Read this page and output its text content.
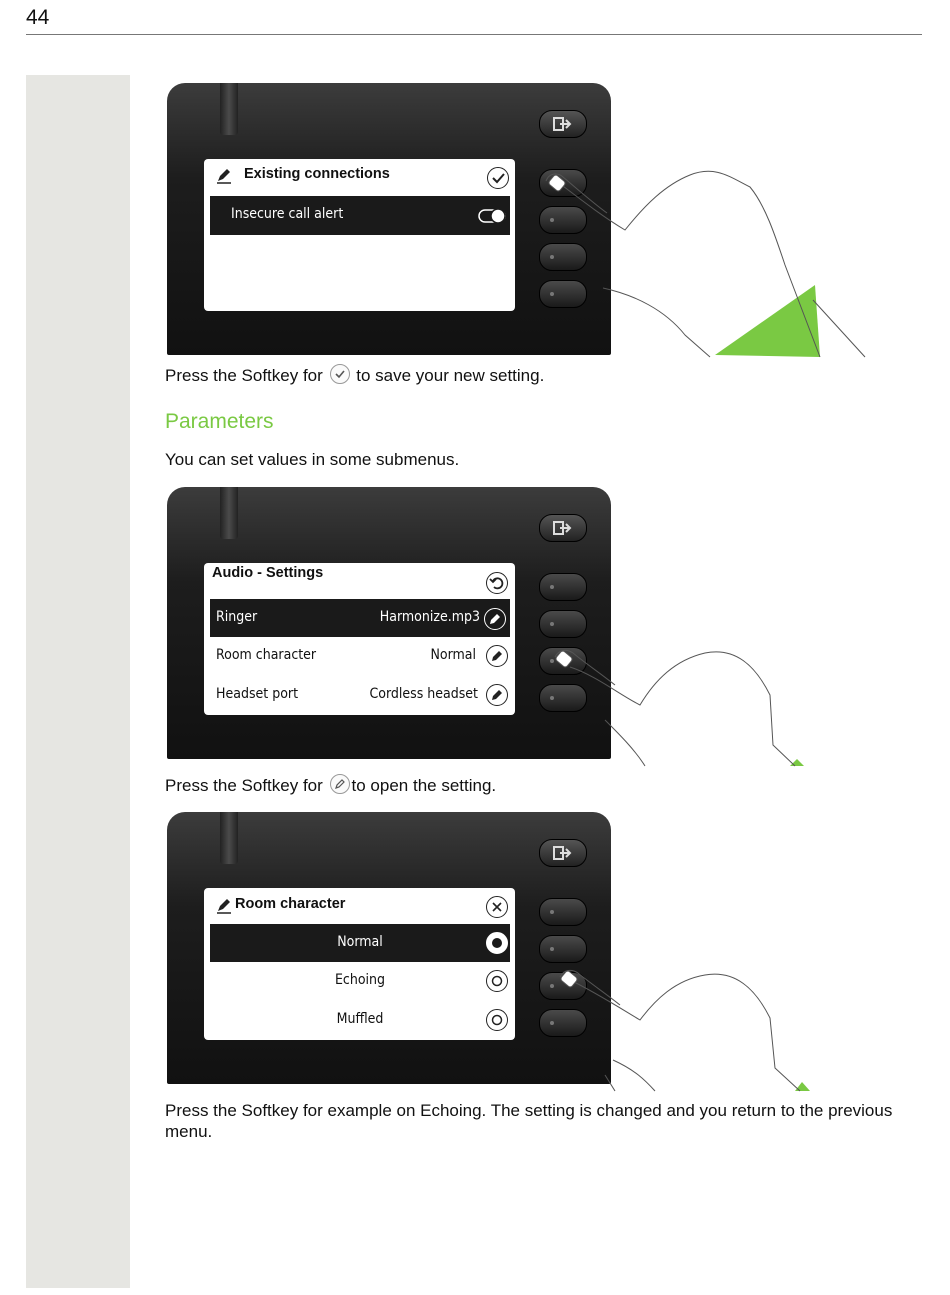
44
Existing connections
Insecure call alert
Press the Softkey for to save your new setting.
Parameters
You can set values in some submenus.
Audio - Settings
Ringer	Harmonize.mp3
Room character	Normal
Headset port	Cordless headset
Press the Softkey for to open the setting.
Room character
Normal
Echoing
Muffled
Press the Softkey for example on Echoing. The setting is changed and you return to the previous menu.
